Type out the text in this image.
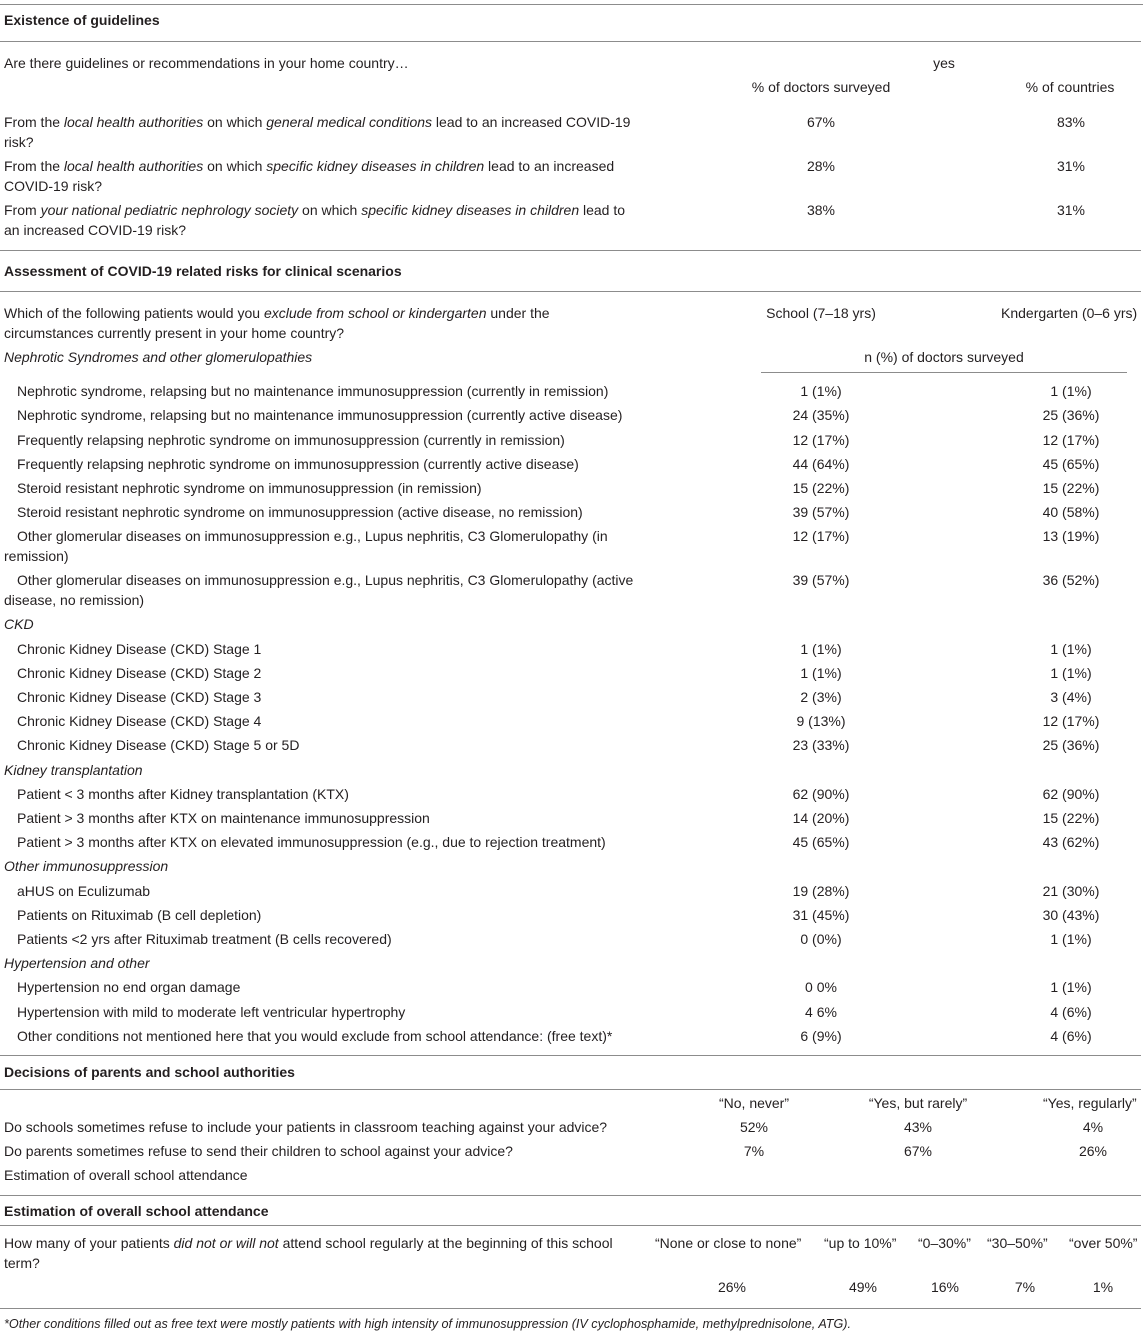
Existence of guidelines
Are there guidelines or recommendations in your home country…	yes
% of doctors surveyed	% of countries
From the local health authorities on which general medical conditions lead to an increased COVID-19 risk?
67%	83%
From the local health authorities on which specific kidney diseases in children lead to an increased COVID-19 risk?
28%	31%
From your national pediatric nephrology society on which specific kidney diseases in children lead to an increased COVID-19 risk?
38%	31%
Assessment of COVID-19 related risks for clinical scenarios
Which of the following patients would you exclude from school or kindergarten under the circumstances currently present in your home country?
School (7–18 yrs)	Kndergarten (0–6 yrs)
Nephrotic Syndromes and other glomerulopathies	n (%) of doctors surveyed
Nephrotic syndrome, relapsing but no maintenance immunosuppression (currently in remission)	1 (1%)	1 (1%)
Nephrotic syndrome, relapsing but no maintenance immunosuppression (currently active disease)	24 (35%)	25 (36%)
Frequently relapsing nephrotic syndrome on immunosuppression (currently in remission)	12 (17%)	12 (17%)
Frequently relapsing nephrotic syndrome on immunosuppression (currently active disease)	44 (64%)	45 (65%)
Steroid resistant nephrotic syndrome on immunosuppression (in remission)	15 (22%)	15 (22%)
Steroid resistant nephrotic syndrome on immunosuppression (active disease, no remission)	39 (57%)	40 (58%)
Other glomerular diseases on immunosuppression e.g., Lupus nephritis, C3 Glomerulopathy (in remission)
12 (17%)	13 (19%)
Other glomerular diseases on immunosuppression e.g., Lupus nephritis, C3 Glomerulopathy (active disease, no remission)
39 (57%)	36 (52%)
CKD
Chronic Kidney Disease (CKD) Stage 1	1 (1%)	1 (1%)
Chronic Kidney Disease (CKD) Stage 2	1 (1%)	1 (1%)
Chronic Kidney Disease (CKD) Stage 3	2 (3%)	3 (4%)
Chronic Kidney Disease (CKD) Stage 4	9 (13%)	12 (17%)
Chronic Kidney Disease (CKD) Stage 5 or 5D	23 (33%)	25 (36%)
Kidney transplantation
Patient < 3 months after Kidney transplantation (KTX)	62 (90%)	62 (90%)
Patient > 3 months after KTX on maintenance immunosuppression	14 (20%)	15 (22%)
Patient > 3 months after KTX on elevated immunosuppression (e.g., due to rejection treatment)	45 (65%)	43 (62%)
Other immunosuppression
aHUS on Eculizumab	19 (28%)	21 (30%)
Patients on Rituximab (B cell depletion)	31 (45%)	30 (43%)
Patients <2 yrs after Rituximab treatment (B cells recovered)	0 (0%)	1 (1%)
Hypertension and other
Hypertension no end organ damage	0 0%	1 (1%)
Hypertension with mild to moderate left ventricular hypertrophy	4 6%	4 (6%)
Other conditions not mentioned here that you would exclude from school attendance: (free text)*	6 (9%)	4 (6%)
Decisions of parents and school authorities
“No, never”	“Yes, but rarely”	“Yes, regularly”
Do schools sometimes refuse to include your patients in classroom teaching against your advice?	52%	43%	4%
Do parents sometimes refuse to send their children to school against your advice?	7%	67%	26%
Estimation of overall school attendance
Estimation of overall school attendance
How many of your patients did not or will not attend school regularly at the beginning of this school term?
“None or close to none” “up to 10%” “0–30%” “30–50%” “over 50%”
26%	49%	16%	7%	1%
*Other conditions filled out as free text were mostly patients with high intensity of immunosuppression (IV cyclophosphamide, methylprednisolone, ATG).
